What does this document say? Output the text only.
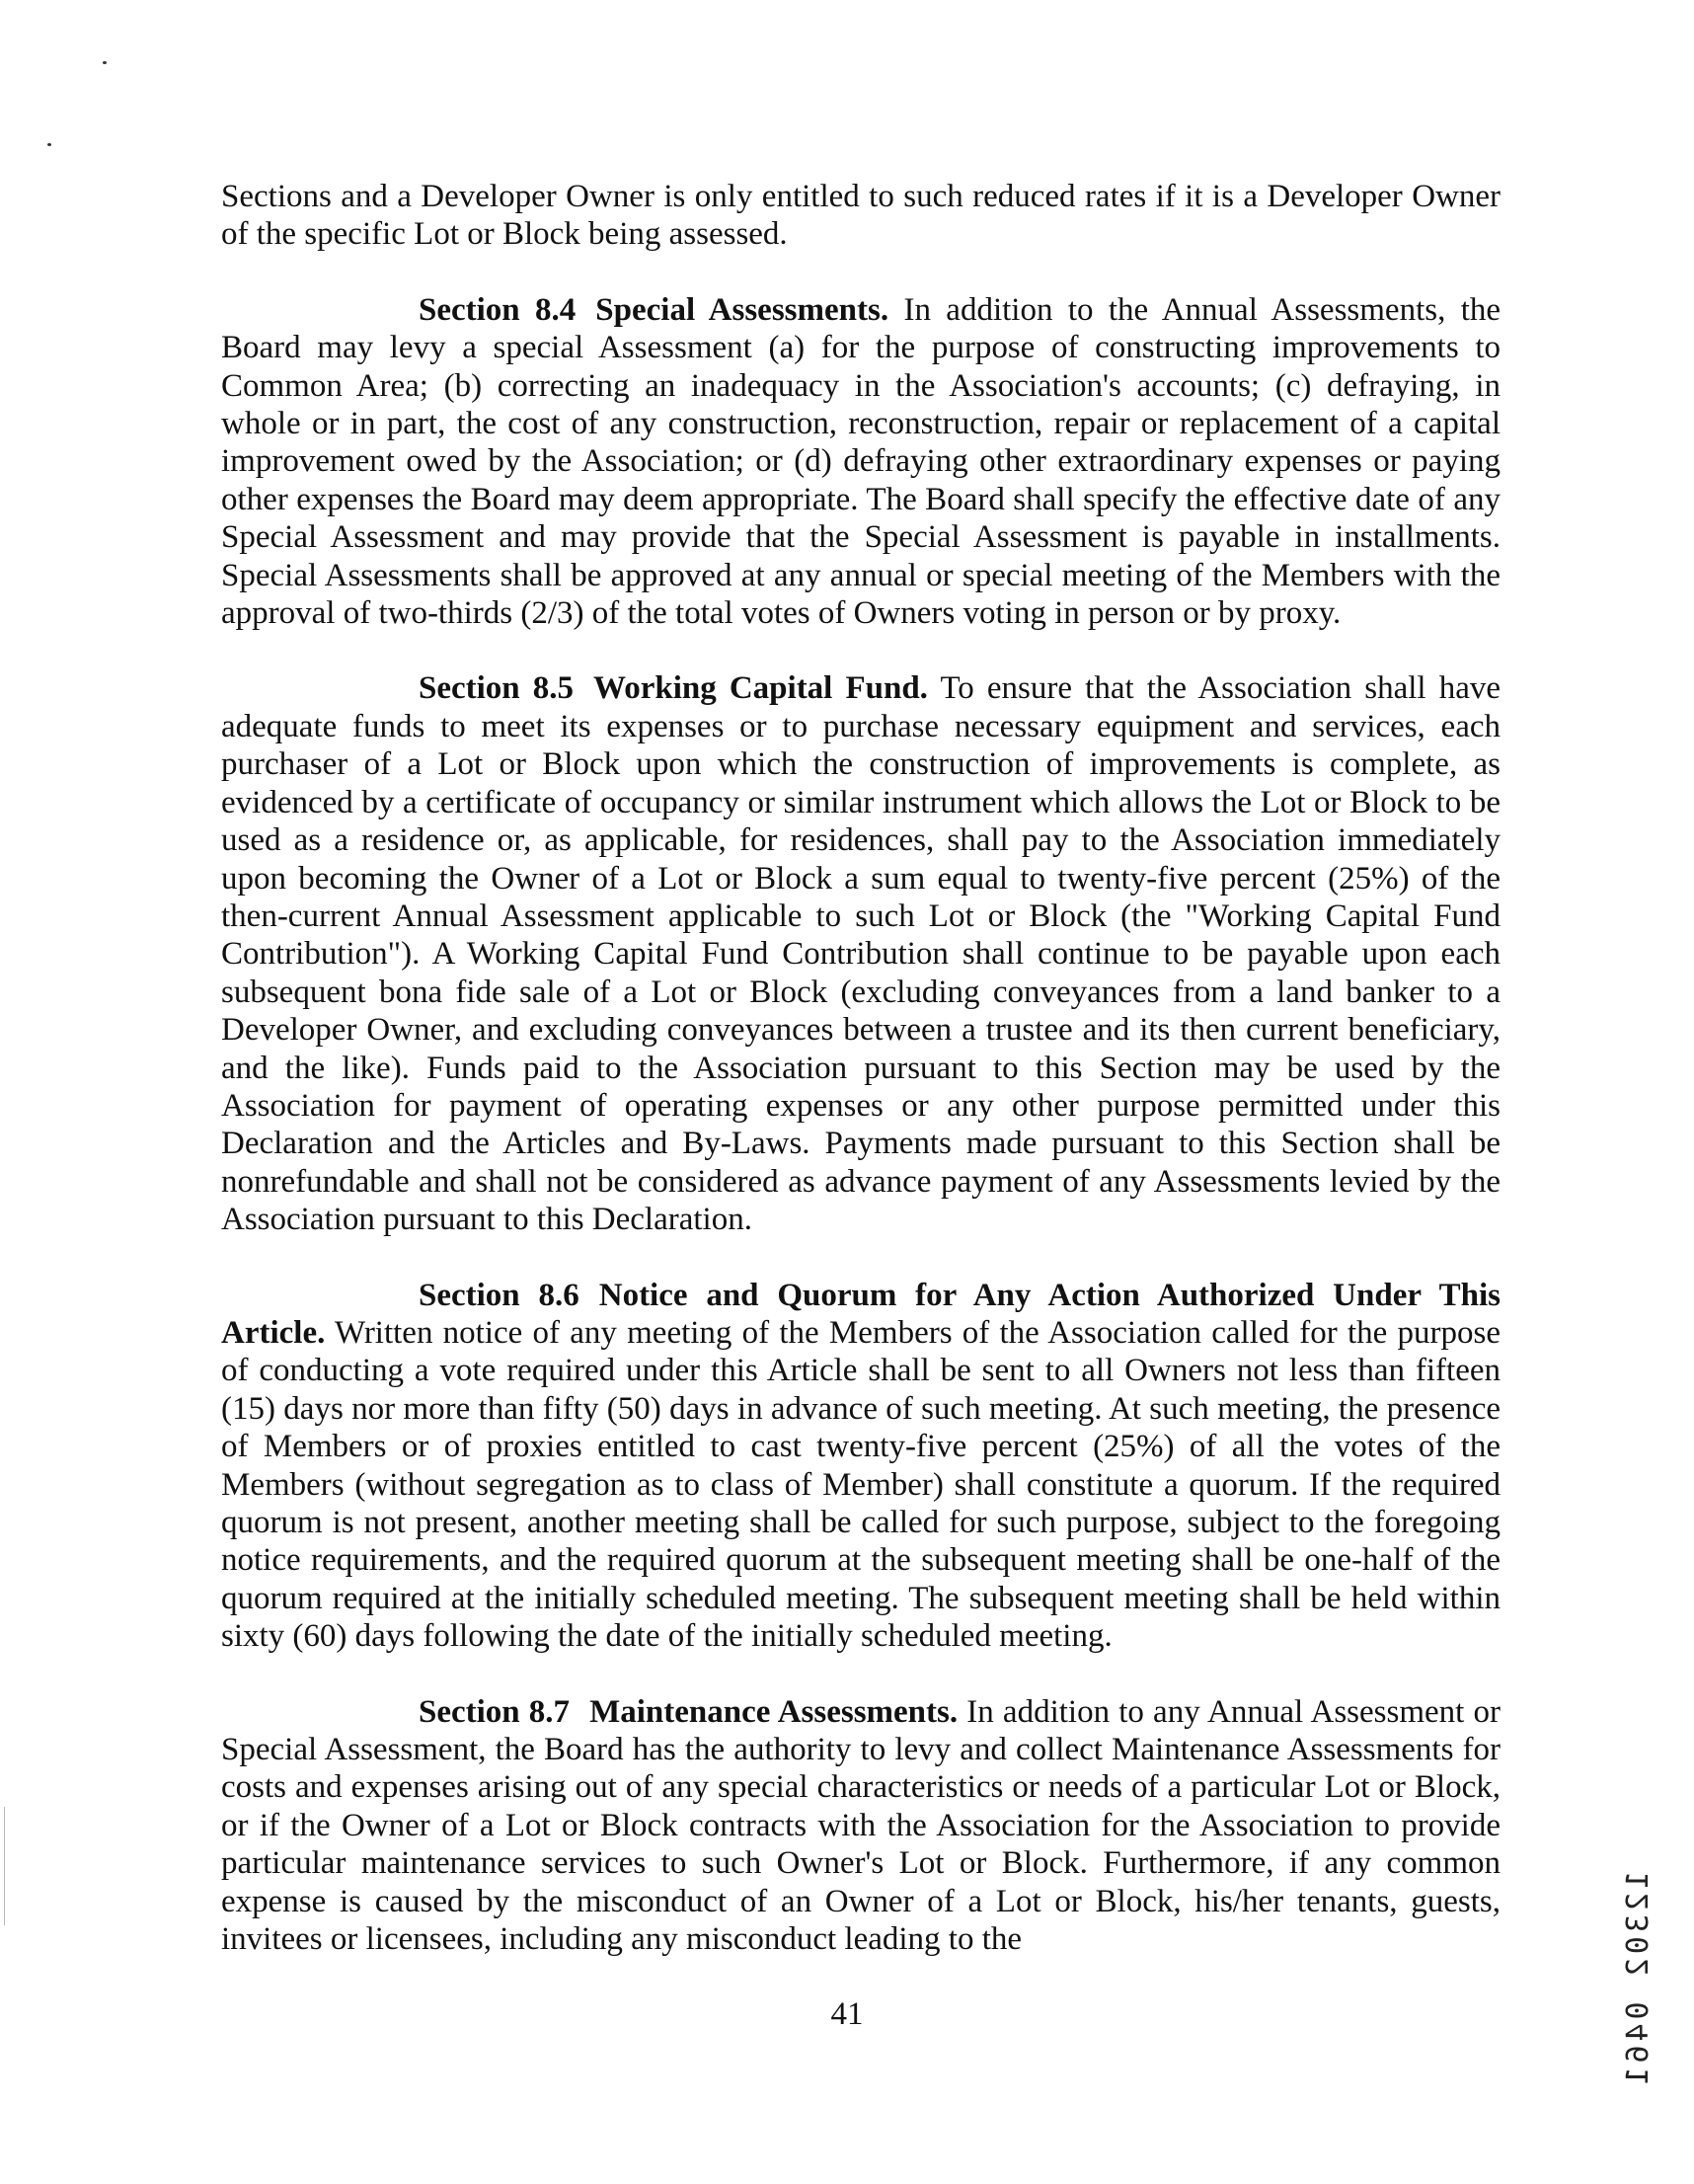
Sections and a Developer Owner is only entitled to such reduced rates if it is a Developer Owner of the specific Lot or Block being assessed.

Section 8.4 Special Assessments. In addition to the Annual Assessments, the Board may levy a special Assessment (a) for the purpose of constructing improvements to Common Area; (b) correcting an inadequacy in the Association's accounts; (c) defraying, in whole or in part, the cost of any construction, reconstruction, repair or replacement of a capital improvement owed by the Association; or (d) defraying other extraordinary expenses or paying other expenses the Board may deem appropriate. The Board shall specify the effective date of any Special Assessment and may provide that the Special Assessment is payable in installments. Special Assessments shall be approved at any annual or special meeting of the Members with the approval of two-thirds (2/3) of the total votes of Owners voting in person or by proxy.

Section 8.5 Working Capital Fund. To ensure that the Association shall have adequate funds to meet its expenses or to purchase necessary equipment and services, each purchaser of a Lot or Block upon which the construction of improvements is complete, as evidenced by a certificate of occupancy or similar instrument which allows the Lot or Block to be used as a residence or, as applicable, for residences, shall pay to the Association immediately upon becoming the Owner of a Lot or Block a sum equal to twenty-five percent (25%) of the then-current Annual Assessment applicable to such Lot or Block (the "Working Capital Fund Contribution"). A Working Capital Fund Contribution shall continue to be payable upon each subsequent bona fide sale of a Lot or Block (excluding conveyances from a land banker to a Developer Owner, and excluding conveyances between a trustee and its then current beneficiary, and the like). Funds paid to the Association pursuant to this Section may be used by the Association for payment of operating expenses or any other purpose permitted under this Declaration and the Articles and By-Laws. Payments made pursuant to this Section shall be nonrefundable and shall not be considered as advance payment of any Assessments levied by the Association pursuant to this Declaration.

Section 8.6 Notice and Quorum for Any Action Authorized Under This Article. Written notice of any meeting of the Members of the Association called for the purpose of conducting a vote required under this Article shall be sent to all Owners not less than fifteen (15) days nor more than fifty (50) days in advance of such meeting. At such meeting, the presence of Members or of proxies entitled to cast twenty-five percent (25%) of all the votes of the Members (without segregation as to class of Member) shall constitute a quorum. If the required quorum is not present, another meeting shall be called for such purpose, subject to the foregoing notice requirements, and the required quorum at the subsequent meeting shall be one-half of the quorum required at the initially scheduled meeting. The subsequent meeting shall be held within sixty (60) days following the date of the initially scheduled meeting.

Section 8.7 Maintenance Assessments. In addition to any Annual Assessment or Special Assessment, the Board has the authority to levy and collect Maintenance Assessments for costs and expenses arising out of any special characteristics or needs of a particular Lot or Block, or if the Owner of a Lot or Block contracts with the Association for the Association to provide particular maintenance services to such Owner's Lot or Block. Furthermore, if any common expense is caused by the misconduct of an Owner of a Lot or Block, his/her tenants, guests, invitees or licensees, including any misconduct leading to the

41	12302 0461
